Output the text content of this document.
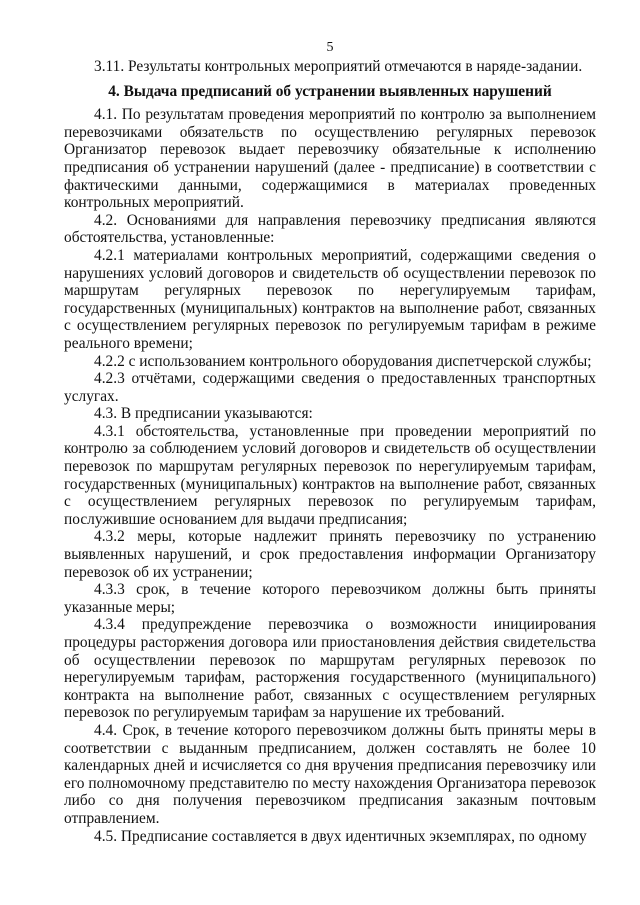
5

3.11. Результаты контрольных мероприятий отмечаются в наряде-задании.

4. Выдача предписаний об устранении выявленных нарушений

4.1. По результатам проведения мероприятий по контролю за выполнением перевозчиками обязательств по осуществлению регулярных перевозок Организатор перевозок выдает перевозчику обязательные к исполнению предписания об устранении нарушений (далее - предписание) в соответствии с фактическими данными, содержащимися в материалах проведенных контрольных мероприятий.

4.2. Основаниями для направления перевозчику предписания являются обстоятельства, установленные:

4.2.1 материалами контрольных мероприятий, содержащими сведения о нарушениях условий договоров и свидетельств об осуществлении перевозок по маршрутам регулярных перевозок по нерегулируемым тарифам, государственных (муниципальных) контрактов на выполнение работ, связанных с осуществлением регулярных перевозок по регулируемым тарифам в режиме реального времени;

4.2.2 с использованием контрольного оборудования диспетчерской службы;

4.2.3 отчётами, содержащими сведения о предоставленных транспортных услугах.

4.3. В предписании указываются:

4.3.1 обстоятельства, установленные при проведении мероприятий по контролю за соблюдением условий договоров и свидетельств об осуществлении перевозок по маршрутам регулярных перевозок по нерегулируемым тарифам, государственных (муниципальных) контрактов на выполнение работ, связанных с осуществлением регулярных перевозок по регулируемым тарифам, послужившие основанием для выдачи предписания;

4.3.2 меры, которые надлежит принять перевозчику по устранению выявленных нарушений, и срок предоставления информации Организатору перевозок об их устранении;

4.3.3 срок, в течение которого перевозчиком должны быть приняты указанные меры;

4.3.4 предупреждение перевозчика о возможности инициирования процедуры расторжения договора или приостановления действия свидетельства об осуществлении перевозок по маршрутам регулярных перевозок по нерегулируемым тарифам, расторжения государственного (муниципального) контракта на выполнение работ, связанных с осуществлением регулярных перевозок по регулируемым тарифам за нарушение их требований.

4.4. Срок, в течение которого перевозчиком должны быть приняты меры в соответствии с выданным предписанием, должен составлять не более 10 календарных дней и исчисляется со дня вручения предписания перевозчику или его полномочному представителю по месту нахождения Организатора перевозок либо со дня получения перевозчиком предписания заказным почтовым отправлением.

4.5. Предписание составляется в двух идентичных экземплярах, по одному
